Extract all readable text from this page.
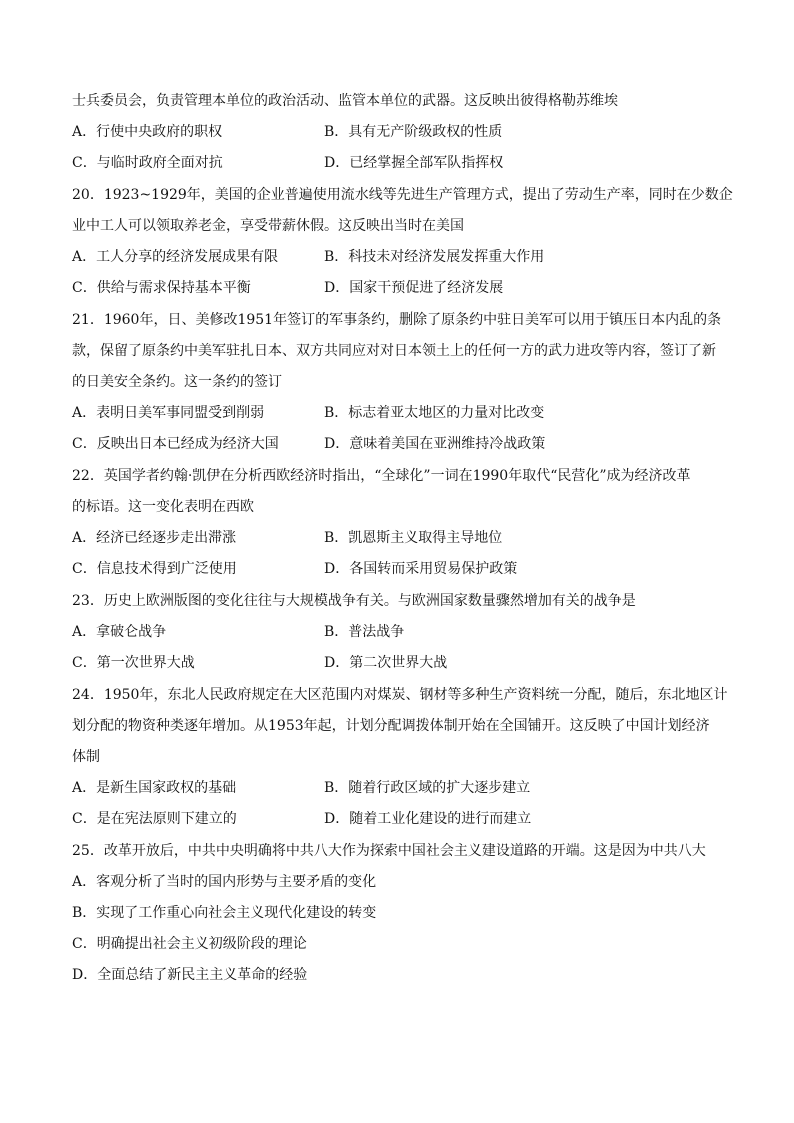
士兵委员会，负责管理本单位的政治活动、监管本单位的武器。这反映出彼得格勒苏维埃
A．行使中央政府的职权	B．具有无产阶级政权的性质
C．与临时政府全面对抗	D．已经掌握全部军队指挥权
20．1923~1929年，美国的企业普遍使用流水线等先进生产管理方式，提出了劳动生产率，同时在少数企
业中工人可以领取养老金，享受带薪休假。这反映出当时在美国
A．工人分享的经济发展成果有限	B．科技未对经济发展发挥重大作用
C．供给与需求保持基本平衡	D．国家干预促进了经济发展
21．1960年，日、美修改1951年签订的军事条约，删除了原条约中驻日美军可以用于镇压日本内乱的条
款，保留了原条约中美军驻扎日本、双方共同应对对日本领土上的任何一方的武力进攻等内容，签订了新
的日美安全条约。这一条约的签订
A．表明日美军事同盟受到削弱	B．标志着亚太地区的力量对比改变
C．反映出日本已经成为经济大国	D．意味着美国在亚洲维持冷战政策
22．英国学者约翰·凯伊在分析西欧经济时指出，“全球化”一词在1990年取代“民营化”成为经济改革
的标语。这一变化表明在西欧
A．经济已经逐步走出滞涨	B．凯恩斯主义取得主导地位
C．信息技术得到广泛使用	D．各国转而采用贸易保护政策
23．历史上欧洲版图的变化往往与大规模战争有关。与欧洲国家数量骤然增加有关的战争是
A．拿破仑战争	B．普法战争
C．第一次世界大战	D．第二次世界大战
24．1950年，东北人民政府规定在大区范围内对煤炭、钢材等多种生产资料统一分配，随后，东北地区计
划分配的物资种类逐年增加。从1953年起，计划分配调拨体制开始在全国铺开。这反映了中国计划经济
体制
A．是新生国家政权的基础	B．随着行政区域的扩大逐步建立
C．是在宪法原则下建立的	D．随着工业化建设的进行而建立
25．改革开放后，中共中央明确将中共八大作为探索中国社会主义建设道路的开端。这是因为中共八大
A．客观分析了当时的国内形势与主要矛盾的变化
B．实现了工作重心向社会主义现代化建设的转变
C．明确提出社会主义初级阶段的理论
D．全面总结了新民主主义革命的经验
